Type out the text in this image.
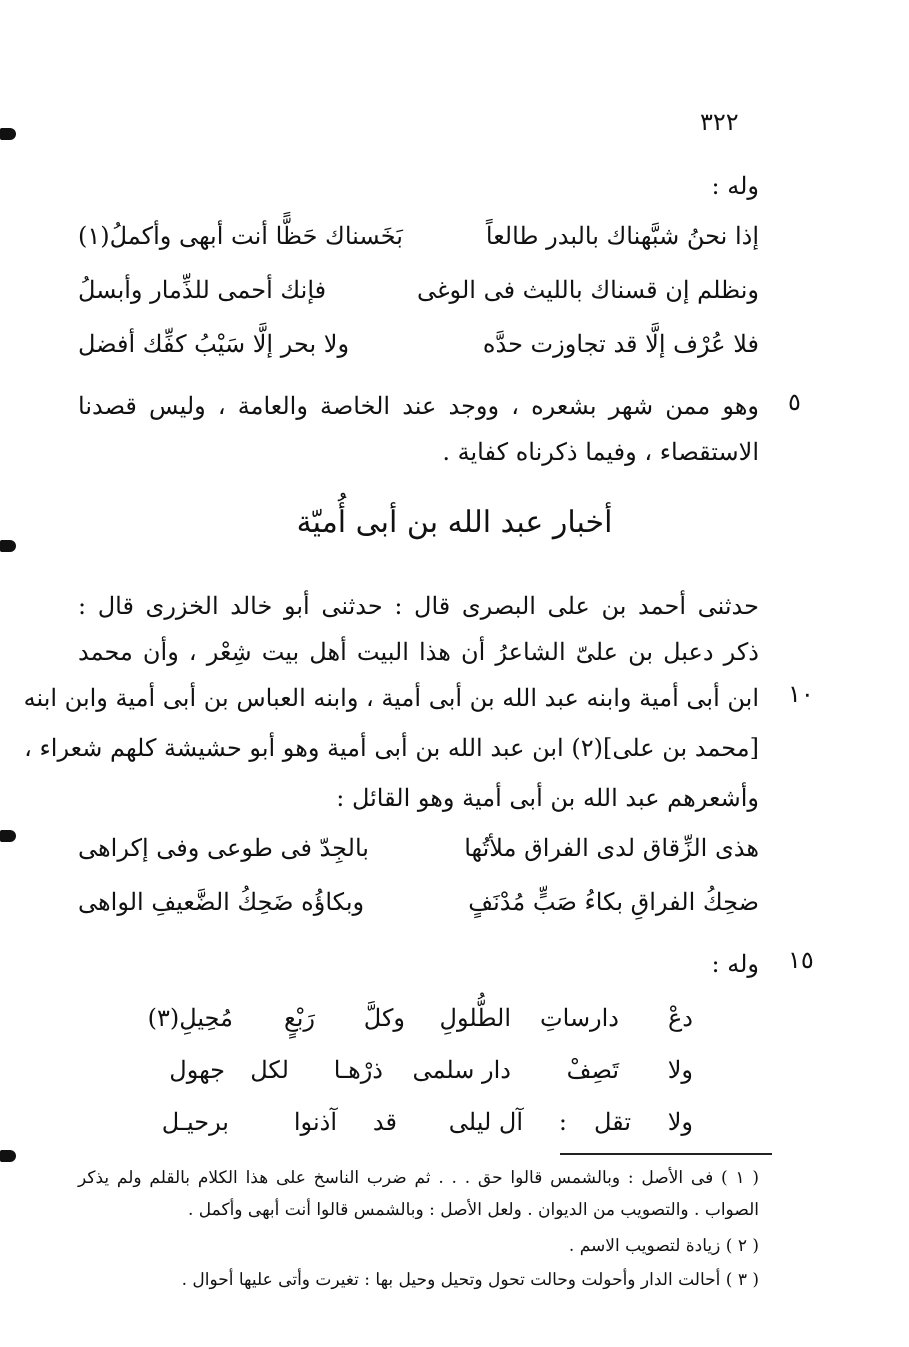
٣٢٢
وله :
إذا نحنُ شبَّهناك بالبدر طالعاً
بَخَسناك حَظًّا أنت أبهى وأكملُ(١)
ونظلم إن قسناك بالليث فى الوغى
فإنك أحمى للذِّمار وأبسلُ
فلا عُرْف إلَّا قد تجاوزت حدَّه
ولا بحر إلَّا سَيْبُ كفِّك أفضل
٥
وهو ممن شهر بشعره ، ووجد عند الخاصة والعامة ، وليس قصدنا
الاستقصاء ، وفيما ذكرناه كفاية .
أخبار عبد الله بن أبى أُميّة
حدثنى أحمد بن على البصرى قال : حدثنى أبو خالد الخزرى قال :
ذكر دعبل بن علىّ الشاعرُ أن هذا البيت أهل بيت شِعْر ، وأن محمد
١٠
ابن أبى أمية وابنه عبد الله بن أبى أمية ، وابنه العباس بن أبى أمية وابن ابنه
[محمد بن على](٢) ابن عبد الله بن أبى أمية وهو أبو حشيشة كلهم شعراء ،
وأشعرهم عبد الله بن أبى أمية وهو القائل :
هذى الزِّقاق لدى الفراق ملأتُها
بالجِدّ فى طوعى وفى إكراهى
ضحِكُ الفراقِ بكاءُ صَبٍّ مُدْنَفٍ
وبكاؤُه ضَحِكُ الضَّعيفِ الواهى
١٥
وله :
دعْ
دارساتِ
الطُّلولِ
وكلَّ
رَبْعٍ
مُحِيلِ(٣)
ولا
تَصِفْ
دار سلمى
ذرْهـا
لكل
جهول
ولا
تقل
:
آل ليلى
قد
آذنوا
برحيـل
( ١ ) فى الأصل : وبالشمس قالوا حق . . . ثم ضرب الناسخ على هذا الكلام بالقلم ولم يذكر
الصواب . والتصويب من الديوان . ولعل الأصل : وبالشمس قالوا أنت أبهى وأكمل .
( ٢ ) زيادة لتصويب الاسم .
( ٣ ) أحالت الدار وأحولت وحالت تحول وتحيل وحيل بها : تغيرت وأتى عليها أحوال .
